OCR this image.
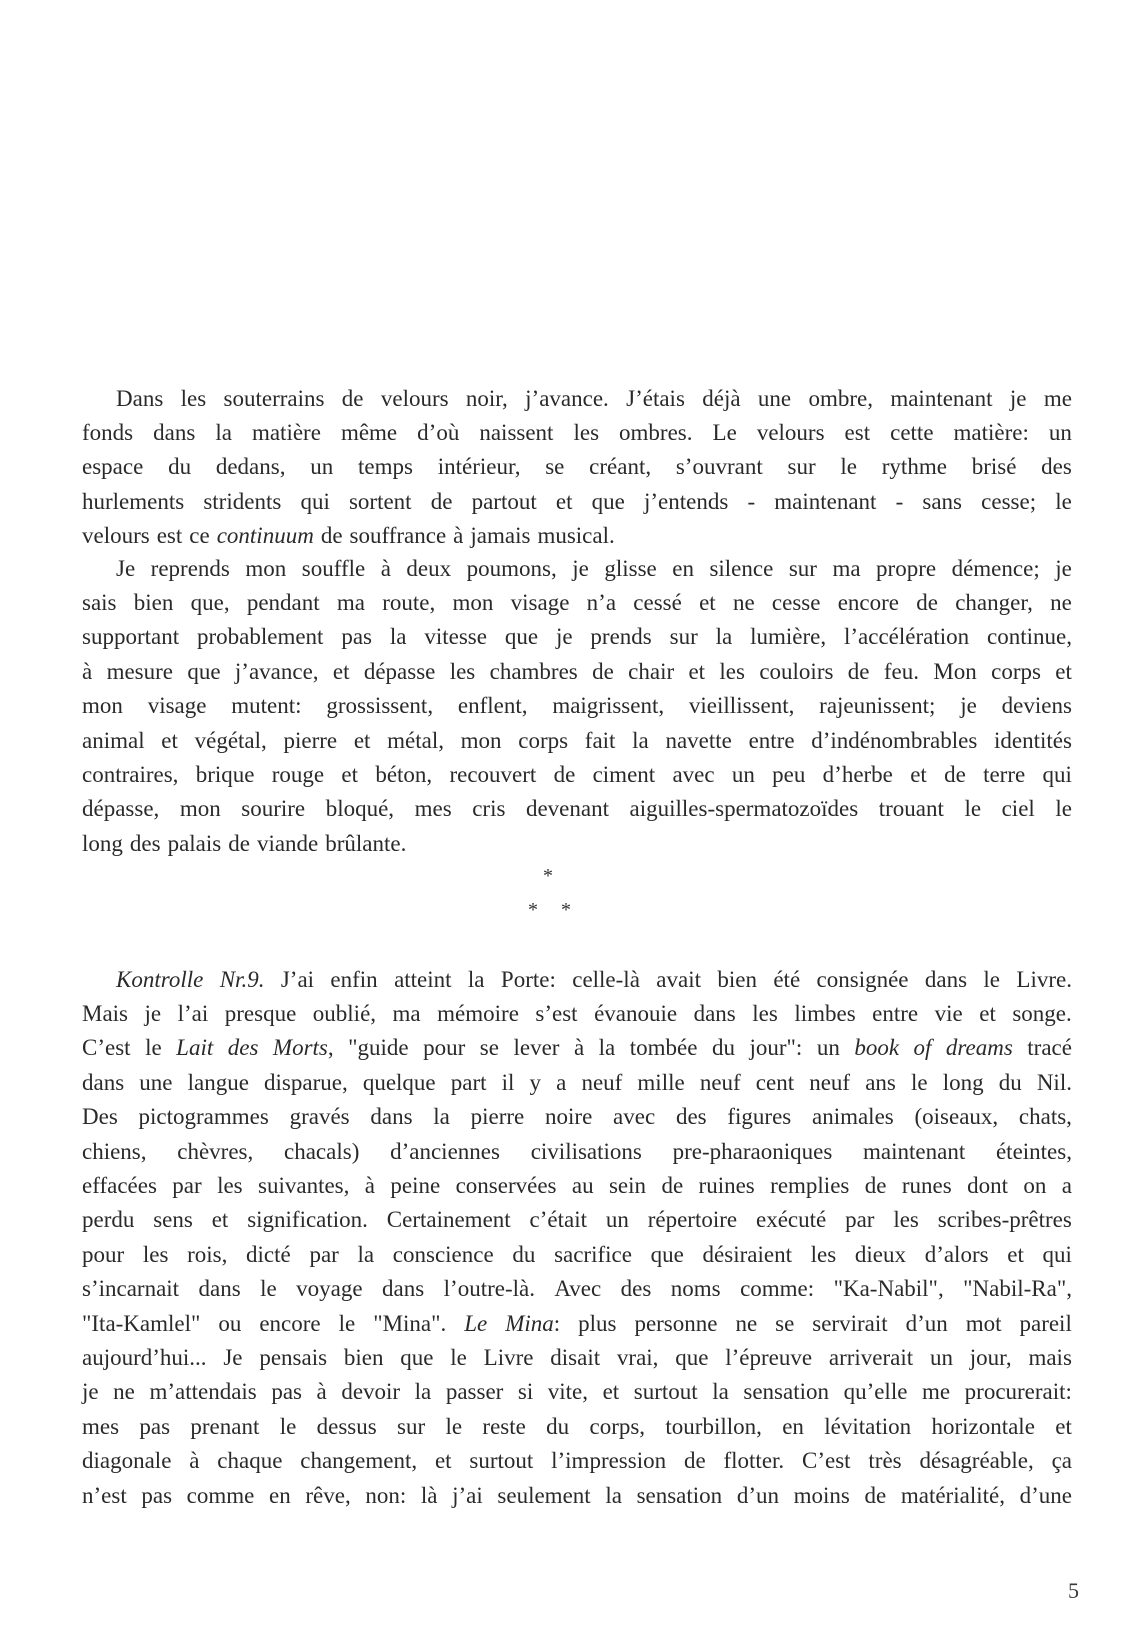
Dans les souterrains de velours noir, j’avance. J’étais déjà une ombre, maintenant je me
fonds dans la matière même d’où naissent les ombres. Le velours est cette matière: un
espace du dedans, un temps intérieur, se créant, s’ouvrant sur le rythme brisé des
hurlements stridents qui sortent de partout et que j’entends - maintenant - sans cesse; le
velours est ce continuum de souffrance à jamais musical.
Je reprends mon souffle à deux poumons, je glisse en silence sur ma propre démence; je
sais bien que, pendant ma route, mon visage n’a cessé et ne cesse encore de changer, ne
supportant probablement pas la vitesse que je prends sur la lumière, l’accélération continue,
à mesure que j’avance, et dépasse les chambres de chair et les couloirs de feu. Mon corps et
mon visage mutent: grossissent, enflent, maigrissent, vieillissent, rajeunissent; je deviens
animal et végétal, pierre et métal, mon corps fait la navette entre d’indénombrables identités
contraires, brique rouge et béton, recouvert de ciment avec un peu d’herbe et de terre qui
dépasse, mon sourire bloqué, mes cris devenant aiguilles-spermatozoïdes trouant le ciel le
long des palais de viande brûlante.
*
* *
Kontrolle Nr.9. J’ai enfin atteint la Porte: celle-là avait bien été consignée dans le Livre.
Mais je l’ai presque oublié, ma mémoire s’est évanouie dans les limbes entre vie et songe.
C’est le Lait des Morts, "guide pour se lever à la tombée du jour": un book of dreams tracé
dans une langue disparue, quelque part il y a neuf mille neuf cent neuf ans le long du Nil.
Des pictogrammes gravés dans la pierre noire avec des figures animales (oiseaux, chats,
chiens, chèvres, chacals) d’anciennes civilisations pre-pharaoniques maintenant éteintes,
effacées par les suivantes, à peine conservées au sein de ruines remplies de runes dont on a
perdu sens et signification. Certainement c’était un répertoire exécuté par les scribes-prêtres
pour les rois, dicté par la conscience du sacrifice que désiraient les dieux d’alors et qui
s’incarnait dans le voyage dans l’outre-là. Avec des noms comme: "Ka-Nabil", "Nabil-Ra",
"Ita-Kamlel" ou encore le "Mina". Le Mina: plus personne ne se servirait d’un mot pareil
aujourd’hui... Je pensais bien que le Livre disait vrai, que l’épreuve arriverait un jour, mais
je ne m’attendais pas à devoir la passer si vite, et surtout la sensation qu’elle me procurerait:
mes pas prenant le dessus sur le reste du corps, tourbillon, en lévitation horizontale et
diagonale à chaque changement, et surtout l’impression de flotter. C’est très désagréable, ça
n’est pas comme en rêve, non: là j’ai seulement la sensation d’un moins de matérialité, d’une
5
